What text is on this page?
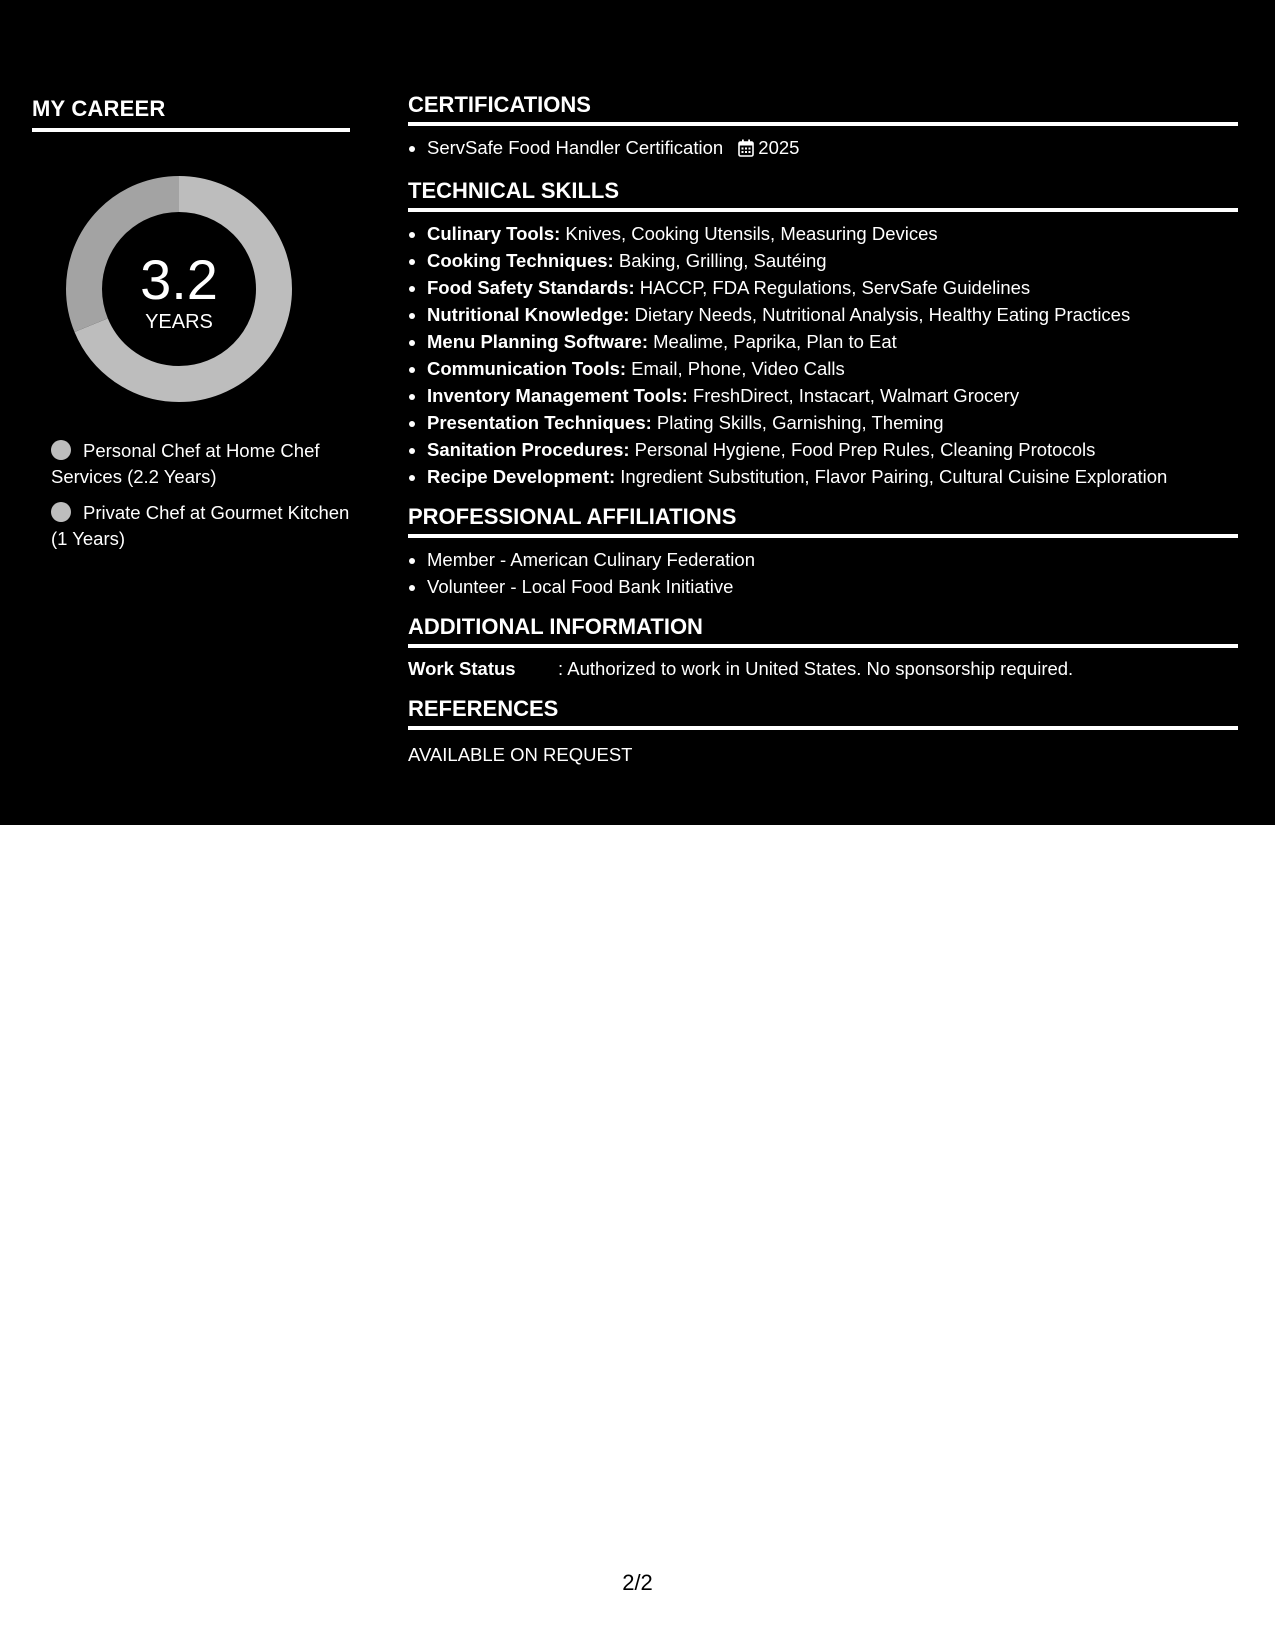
MY CAREER
3.2
YEARS
Personal Chef at Home Chef Services (2.2 Years)
Private Chef at Gourmet Kitchen (1 Years)
CERTIFICATIONS
• ServSafe Food Handler Certification 2025
TECHNICAL SKILLS
• Culinary Tools: Knives, Cooking Utensils, Measuring Devices
• Cooking Techniques: Baking, Grilling, Sautéing
• Food Safety Standards: HACCP, FDA Regulations, ServSafe Guidelines
• Nutritional Knowledge: Dietary Needs, Nutritional Analysis, Healthy Eating Practices
• Menu Planning Software: Mealime, Paprika, Plan to Eat
• Communication Tools: Email, Phone, Video Calls
• Inventory Management Tools: FreshDirect, Instacart, Walmart Grocery
• Presentation Techniques: Plating Skills, Garnishing, Theming
• Sanitation Procedures: Personal Hygiene, Food Prep Rules, Cleaning Protocols
• Recipe Development: Ingredient Substitution, Flavor Pairing, Cultural Cuisine Exploration
PROFESSIONAL AFFILIATIONS
• Member - American Culinary Federation
• Volunteer - Local Food Bank Initiative
ADDITIONAL INFORMATION
Work Status	: Authorized to work in United States. No sponsorship required.
REFERENCES
AVAILABLE ON REQUEST
2/2
